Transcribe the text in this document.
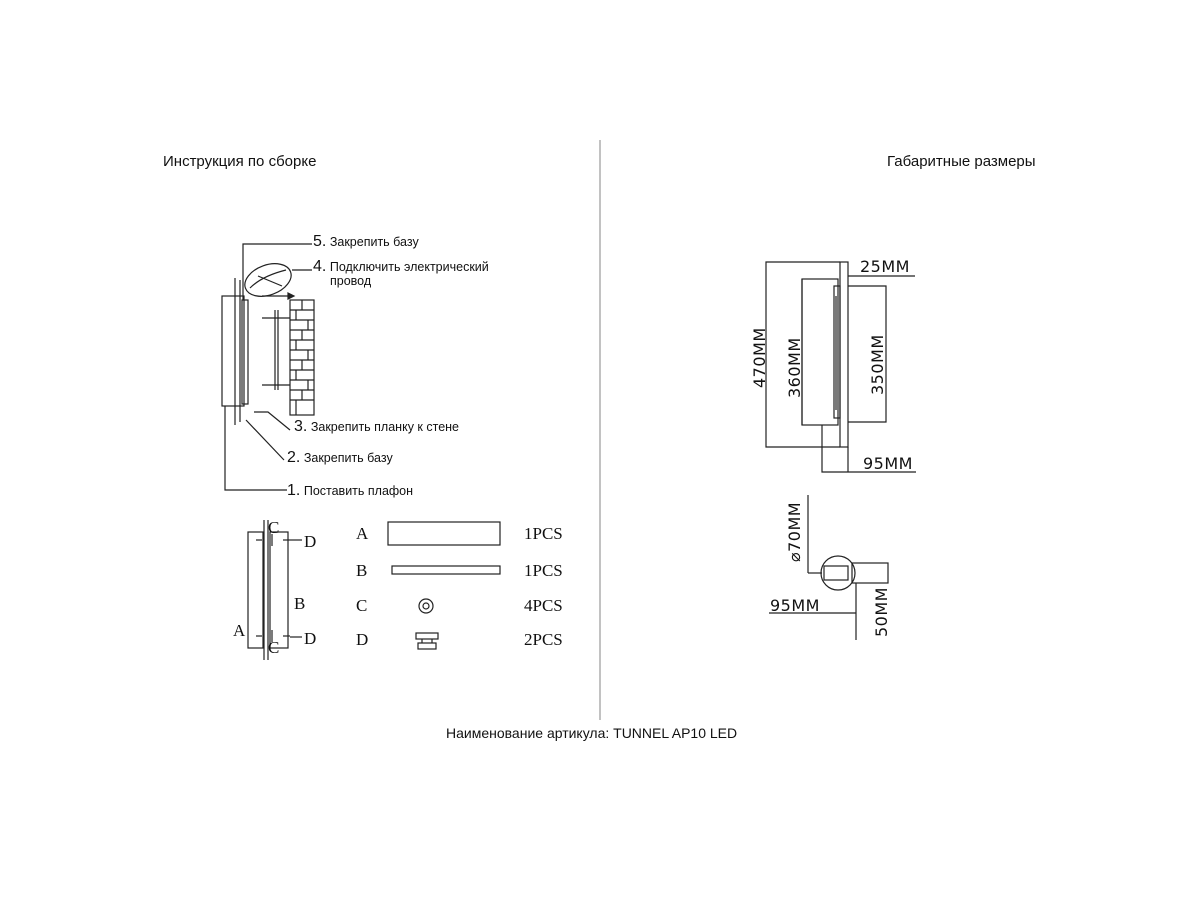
Инструкция по сборке	Габаритные размеры
5. Закрепить базу
4. Подключить электрический
провод
3. Закрепить планку к стене
2. Закрепить базу
1. Поставить плафон
C
D
B
A	D
C
A	1PCS
B	1PCS
C	4PCS
D	2PCS
25MM
470MM 360MM	350MM
95MM
⌀70MM
95MM	50MM
Наименование артикула: TUNNEL AP10 LED
